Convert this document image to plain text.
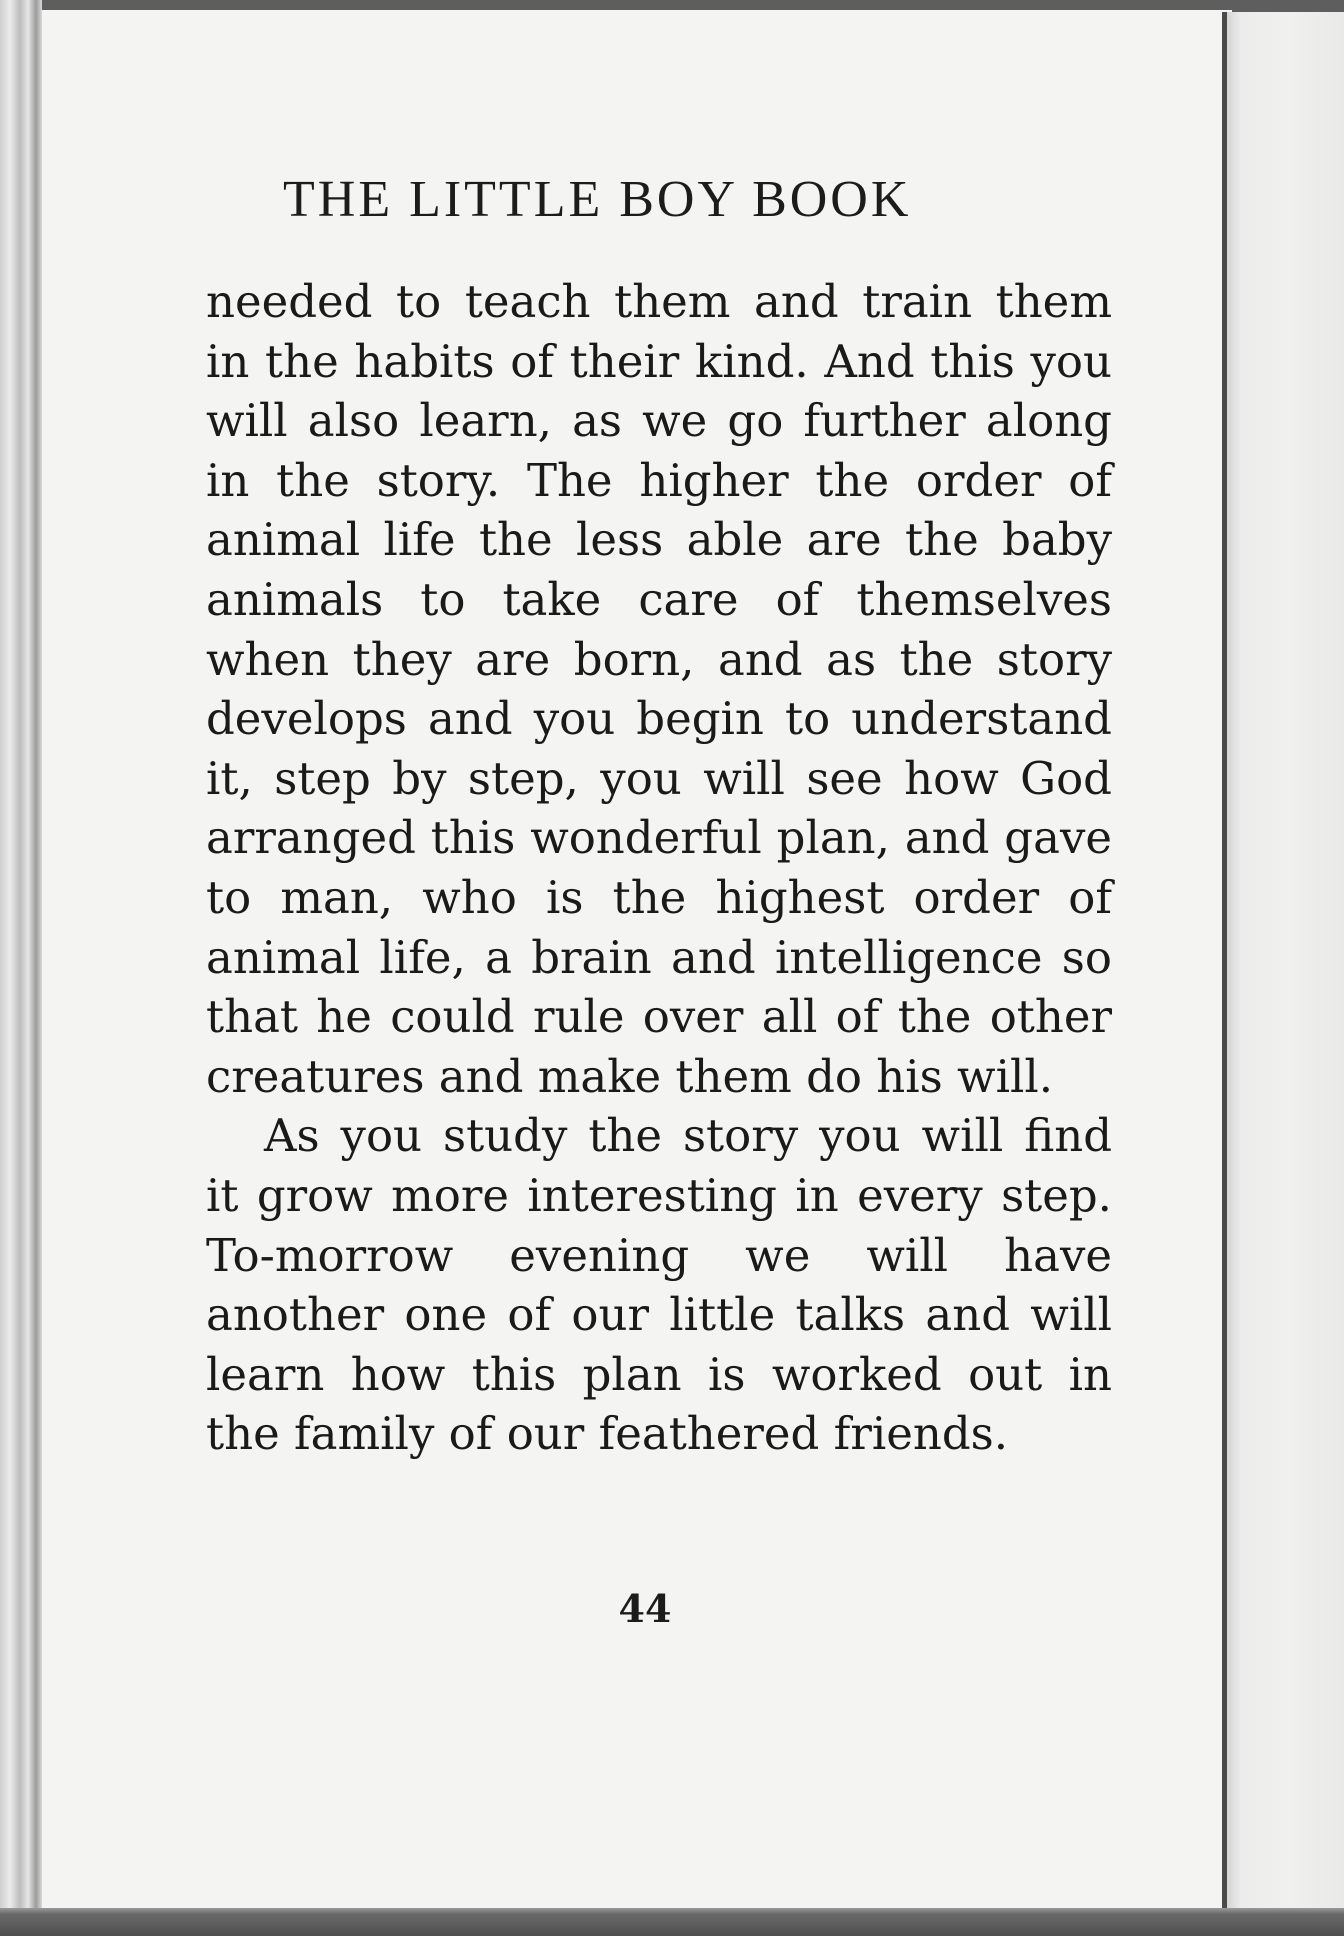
THE LITTLE BOY BOOK

needed to teach them and train them in the habits of their kind. And this you will also learn, as we go further along in the story. The higher the order of animal life the less able are the baby animals to take care of themselves when they are born, and as the story develops and you begin to understand it, step by step, you will see how God arranged this wonderful plan, and gave to man, who is the highest order of animal life, a brain and intelligence so that he could rule over all of the other creatures and make them do his will.

As you study the story you will find it grow more interesting in every step. To-morrow evening we will have another one of our little talks and will learn how this plan is worked out in the family of our feathered friends.

44
